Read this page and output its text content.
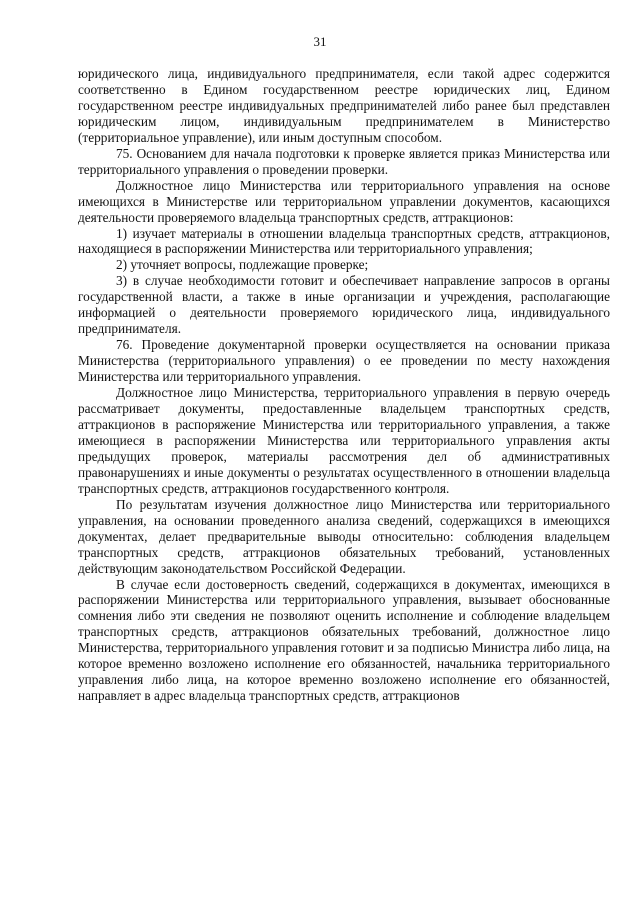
31

юридического лица, индивидуального предпринимателя, если такой адрес содержится соответственно в Едином государственном реестре юридических лиц, Едином государственном реестре индивидуальных предпринимателей либо ранее был представлен юридическим лицом, индивидуальным предпринимателем в Министерство (территориальное управление), или иным доступным способом.

75. Основанием для начала подготовки к проверке является приказ Министерства или территориального управления о проведении проверки.

Должностное лицо Министерства или территориального управления на основе имеющихся в Министерстве или территориальном управлении документов, касающихся деятельности проверяемого владельца транспортных средств, аттракционов:

1) изучает материалы в отношении владельца транспортных средств, аттракционов, находящиеся в распоряжении Министерства или территориального управления;

2) уточняет вопросы, подлежащие проверке;

3) в случае необходимости готовит и обеспечивает направление запросов в органы государственной власти, а также в иные организации и учреждения, располагающие информацией о деятельности проверяемого юридического лица, индивидуального предпринимателя.

76. Проведение документарной проверки осуществляется на основании приказа Министерства (территориального управления) о ее проведении по месту нахождения Министерства или территориального управления.

Должностное лицо Министерства, территориального управления в первую очередь рассматривает документы, предоставленные владельцем транспортных средств, аттракционов в распоряжение Министерства или территориального управления, а также имеющиеся в распоряжении Министерства или территориального управления акты предыдущих проверок, материалы рассмотрения дел об административных правонарушениях и иные документы о результатах осуществленного в отношении владельца транспортных средств, аттракционов государственного контроля.

По результатам изучения должностное лицо Министерства или территориального управления, на основании проведенного анализа сведений, содержащихся в имеющихся документах, делает предварительные выводы относительно: соблюдения владельцем транспортных средств, аттракционов обязательных требований, установленных действующим законодательством Российской Федерации.

В случае если достоверность сведений, содержащихся в документах, имеющихся в распоряжении Министерства или территориального управления, вызывает обоснованные сомнения либо эти сведения не позволяют оценить исполнение и соблюдение владельцем транспортных средств, аттракционов обязательных требований, должностное лицо Министерства, территориального управления готовит и за подписью Министра либо лица, на которое временно возложено исполнение его обязанностей, начальника территориального управления либо лица, на которое временно возложено исполнение его обязанностей, направляет в адрес владельца транспортных средств, аттракционов
